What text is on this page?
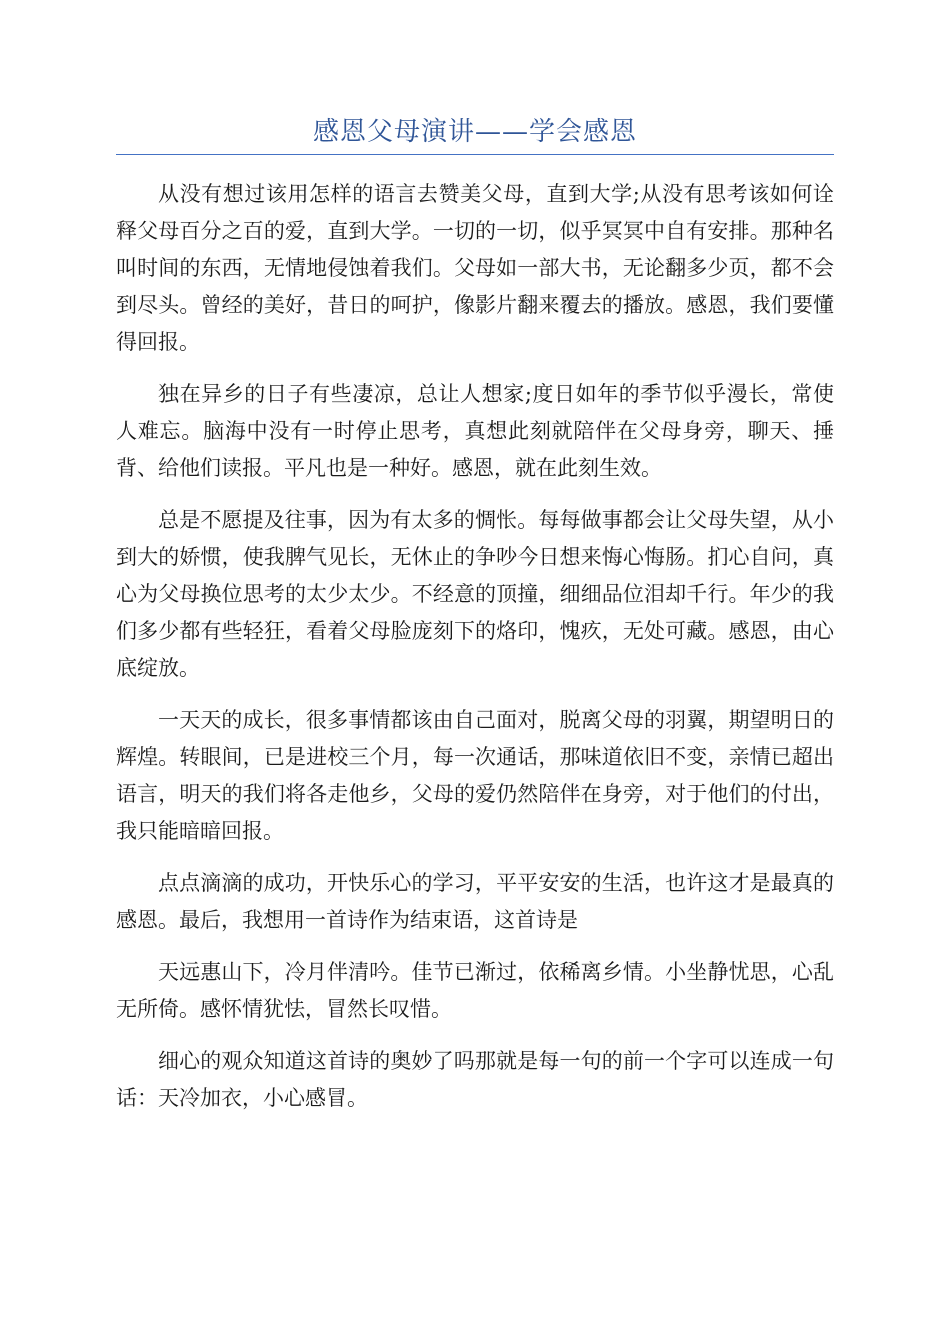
感恩父母演讲——学会感恩

从没有想过该用怎样的语言去赞美父母，直到大学;从没有思考该如何诠释父母百分之百的爱，直到大学。一切的一切，似乎冥冥中自有安排。那种名叫时间的东西，无情地侵蚀着我们。父母如一部大书，无论翻多少页，都不会到尽头。曾经的美好，昔日的呵护，像影片翻来覆去的播放。感恩，我们要懂得回报。

独在异乡的日子有些凄凉，总让人想家;度日如年的季节似乎漫长，常使人难忘。脑海中没有一时停止思考，真想此刻就陪伴在父母身旁，聊天、捶背、给他们读报。平凡也是一种好。感恩，就在此刻生效。

总是不愿提及往事，因为有太多的惆怅。每每做事都会让父母失望，从小到大的娇惯，使我脾气见长，无休止的争吵今日想来悔心悔肠。扪心自问，真心为父母换位思考的太少太少。不经意的顶撞，细细品位泪却千行。年少的我们多少都有些轻狂，看着父母脸庞刻下的烙印，愧疚，无处可藏。感恩，由心底绽放。

一天天的成长，很多事情都该由自己面对，脱离父母的羽翼，期望明日的辉煌。转眼间，已是进校三个月，每一次通话，那味道依旧不变，亲情已超出语言，明天的我们将各走他乡，父母的爱仍然陪伴在身旁，对于他们的付出，我只能暗暗回报。

点点滴滴的成功，开快乐心的学习，平平安安的生活，也许这才是最真的感恩。最后，我想用一首诗作为结束语，这首诗是

天远惠山下，冷月伴清吟。佳节已渐过，依稀离乡情。小坐静忧思，心乱无所倚。感怀情犹怯，冒然长叹惜。

细心的观众知道这首诗的奥妙了吗那就是每一句的前一个字可以连成一句话：天冷加衣，小心感冒。
